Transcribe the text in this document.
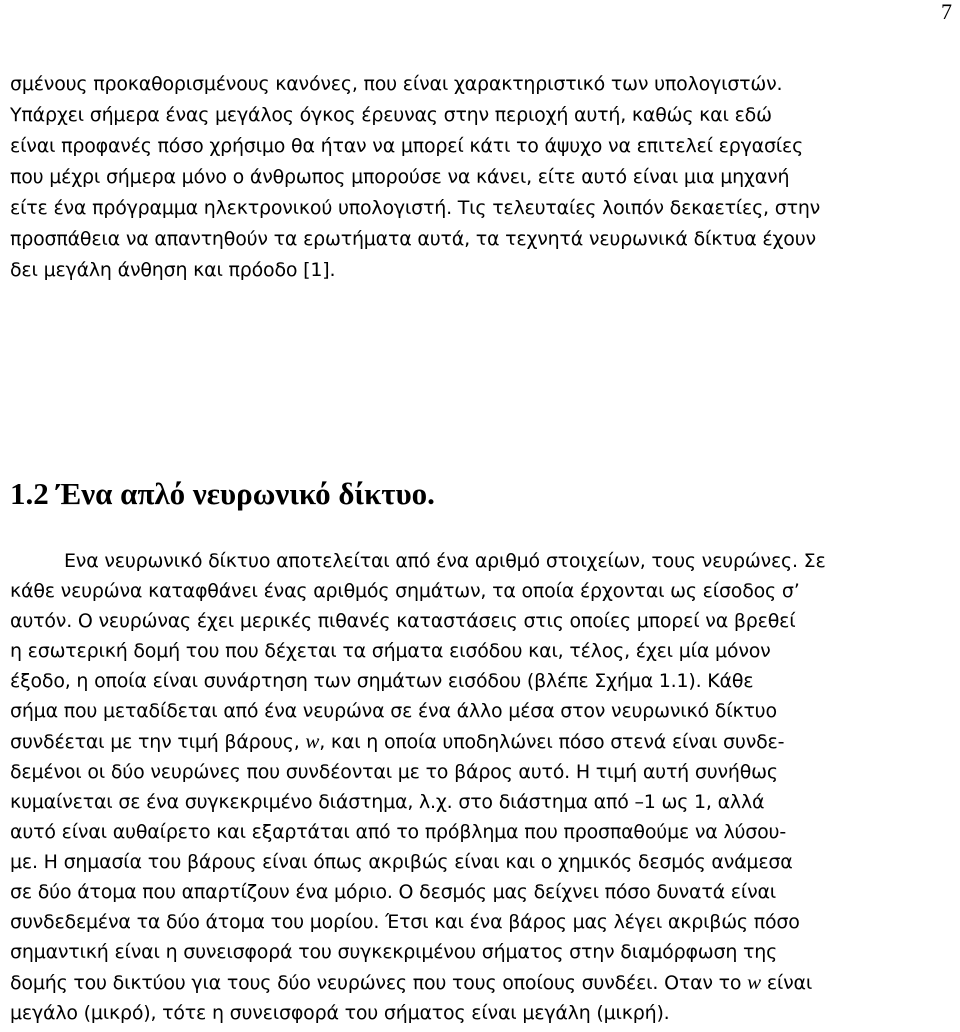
7
σμένους προκαθορισμένους κανόνες, που είναι χαρακτηριστικό των υπολογιστών.
Υπάρχει σήμερα ένας μεγάλος όγκος έρευνας στην περιοχή αυτή, καθώς και εδώ
είναι προφανές πόσο χρήσιμο θα ήταν να μπορεί κάτι το άψυχο να επιτελεί εργασίες
που μέχρι σήμερα μόνο ο άνθρωπος μπορούσε να κάνει, είτε αυτό είναι μια μηχανή
είτε ένα πρόγραμμα ηλεκτρονικού υπολογιστή. Τις τελευταίες λοιπόν δεκαετίες, στην
προσπάθεια να απαντηθούν τα ερωτήματα αυτά, τα τεχνητά νευρωνικά δίκτυα έχουν
δει μεγάλη άνθηση και πρόοδο [1].
1.2 Ένα απλό νευρωνικό δίκτυο.
Ενα νευρωνικό δίκτυο αποτελείται από ένα αριθμό στοιχείων, τους νευρώνες. Σε
κάθε νευρώνα καταφθάνει ένας αριθμός σημάτων, τα οποία έρχονται ως είσοδος σ’
αυτόν. Ο νευρώνας έχει μερικές πιθανές καταστάσεις στις οποίες μπορεί να βρεθεί
η εσωτερική δομή του που δέχεται τα σήματα εισόδου και, τέλος, έχει μία μόνον
έξοδο, η οποία είναι συνάρτηση των σημάτων εισόδου (βλέπε Σχήμα 1.1). Κάθε
σήμα που μεταδίδεται από ένα νευρώνα σε ένα άλλο μέσα στον νευρωνικό δίκτυο
συνδέεται με την τιμή βάρους, w, και η οποία υποδηλώνει πόσο στενά είναι συνδε-
δεμένοι οι δύο νευρώνες που συνδέονται με το βάρος αυτό. Η τιμή αυτή συνήθως
κυμαίνεται σε ένα συγκεκριμένο διάστημα, λ.χ. στο διάστημα από –1 ως 1, αλλά
αυτό είναι αυθαίρετο και εξαρτάται από το πρόβλημα που προσπαθούμε να λύσου-
με. Η σημασία του βάρους είναι όπως ακριβώς είναι και ο χημικός δεσμός ανάμεσα
σε δύο άτομα που απαρτίζουν ένα μόριο. Ο δεσμός μας δείχνει πόσο δυνατά είναι
συνδεδεμένα τα δύο άτομα του μορίου. Έτσι και ένα βάρος μας λέγει ακριβώς πόσο
σημαντική είναι η συνεισφορά του συγκεκριμένου σήματος στην διαμόρφωση της
δομής του δικτύου για τους δύο νευρώνες που τους οποίους συνδέει. Οταν το w είναι
μεγάλο (μικρό), τότε η συνεισφορά του σήματος είναι μεγάλη (μικρή).
